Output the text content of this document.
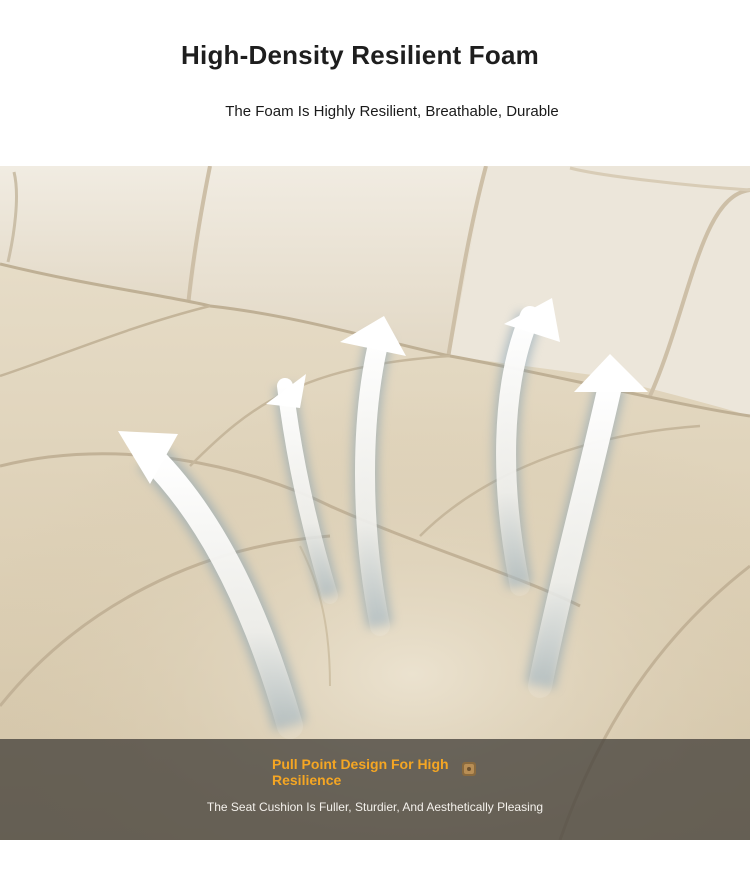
High-Density Resilient Foam
The Foam Is Highly Resilient, Breathable, Durable
Pull Point Design For High Resilience
The Seat Cushion Is Fuller, Sturdier, And Aesthetically Pleasing
